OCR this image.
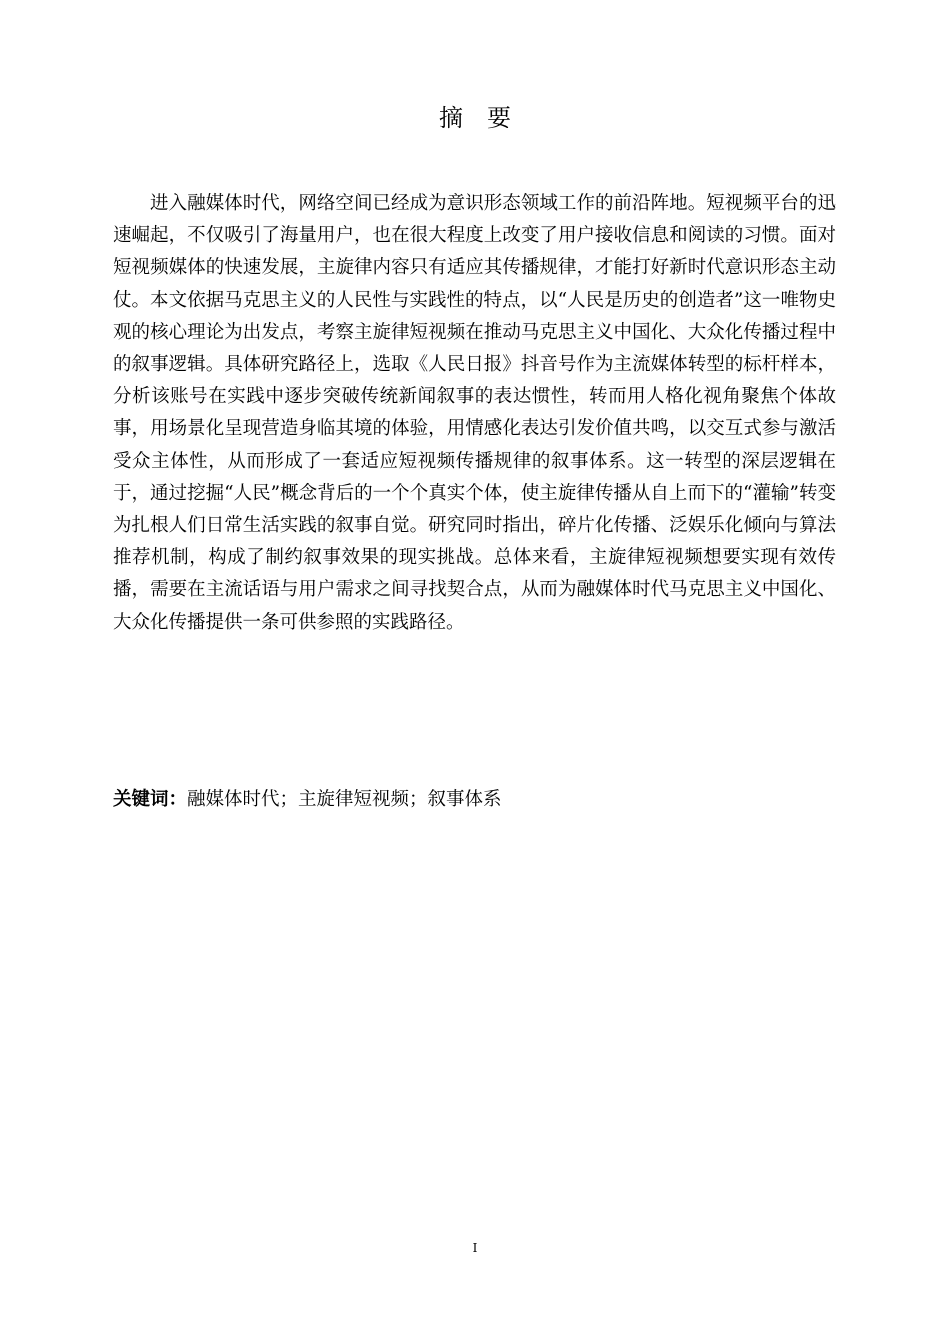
摘要

进入融媒体时代，网络空间已经成为意识形态领域工作的前沿阵地。短视频平台的迅速崛起，不仅吸引了海量用户，也在很大程度上改变了用户接收信息和阅读的习惯。面对短视频媒体的快速发展，主旋律内容只有适应其传播规律，才能打好新时代意识形态主动仗。本文依据马克思主义的人民性与实践性的特点，以“人民是历史的创造者”这一唯物史观的核心理论为出发点，考察主旋律短视频在推动马克思主义中国化、大众化传播过程中的叙事逻辑。具体研究路径上，选取《人民日报》抖音号作为主流媒体转型的标杆样本，分析该账号在实践中逐步突破传统新闻叙事的表达惯性，转而用人格化视角聚焦个体故事，用场景化呈现营造身临其境的体验，用情感化表达引发价值共鸣，以交互式参与激活受众主体性，从而形成了一套适应短视频传播规律的叙事体系。这一转型的深层逻辑在于，通过挖掘“人民”概念背后的一个个真实个体，使主旋律传播从自上而下的“灌输”转变为扎根人们日常生活实践的叙事自觉。研究同时指出，碎片化传播、泛娱乐化倾向与算法推荐机制，构成了制约叙事效果的现实挑战。总体来看，主旋律短视频想要实现有效传播，需要在主流话语与用户需求之间寻找契合点，从而为融媒体时代马克思主义中国化、大众化传播提供一条可供参照的实践路径。

关键词：融媒体时代；主旋律短视频；叙事体系
I
